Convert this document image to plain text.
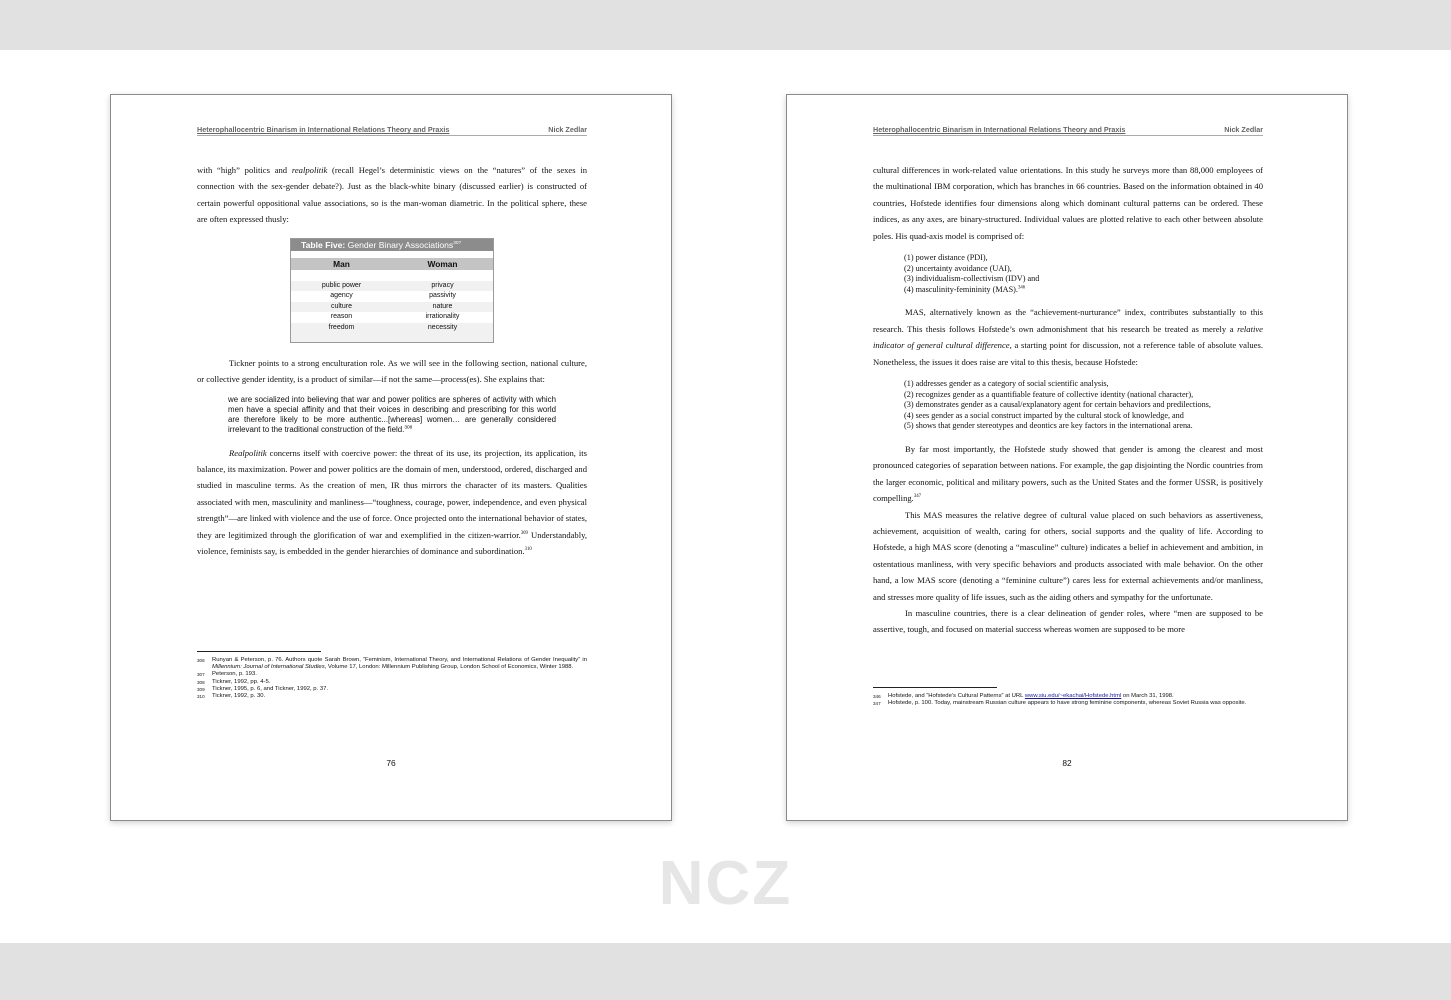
NCZ
Heterophallocentric Binarism in International Relations Theory and Praxis	Nick Zedlar

with “high” politics and realpolitik (recall Hegel’s deterministic views on the “natures” of the sexes in connection with the sex-gender debate?). Just as the black-white binary (discussed earlier) is constructed of certain powerful oppositional value associations, so is the man-woman diametric. In the political sphere, these are often expressed thusly:

Table Five: Gender Binary Associations$^{307}$
Man	Woman
public power	privacy
agency	passivity
culture	nature
reason	irrationality
freedom	necessity

Tickner points to a strong enculturation role. As we will see in the following section, national culture, or collective gender identity, is a product of similar—if not the same—process(es). She explains that:

we are socialized into believing that war and power politics are spheres of activity with which men have a special affinity and that their voices in describing and prescribing for this world are therefore likely to be more authentic...[whereas] women… are generally considered irrelevant to the traditional construction of the field.$^{308}$

Realpolitik concerns itself with coercive power: the threat of its use, its projection, its application, its balance, its maximization. Power and power politics are the domain of men, understood, ordered, discharged and studied in masculine terms. As the creation of men, IR thus mirrors the character of its masters. Qualities associated with men, masculinity and manliness—“toughness, courage, power, independence, and even physical strength”—are linked with violence and the use of force. Once projected onto the international behavior of states, they are legitimized through the glorification of war and exemplified in the citizen-warrior.$^{309}$ Understandably, violence, feminists say, is embedded in the gender hierarchies of dominance and subordination.$^{310}$

306	Runyan & Peterson, p. 76. Authors quote Sarah Brown, “Feminism, International Theory, and International Relations of Gender Inequality” in Millennium: Journal of International Studies, Volume 17, London: Millennium Publishing Group, London School of Economics, Winter 1988.
307	Peterson, p. 193.
308	Tickner, 1992, pp. 4-5.
309	Tickner, 1995, p. 6, and Tickner, 1992, p. 37.
310	Tickner, 1992, p. 30.
76
Heterophallocentric Binarism in International Relations Theory and Praxis	Nick Zedlar

cultural differences in work-related value orientations. In this study he surveys more than 88,000 employees of the multinational IBM corporation, which has branches in 66 countries. Based on the information obtained in 40 countries, Hofstede identifies four dimensions along which dominant cultural patterns can be ordered. These indices, as any axes, are binary-structured. Individual values are plotted relative to each other between absolute poles. His quad-axis model is comprised of:

(1) power distance (PDI),
(2) uncertainty avoidance (UAI),
(3) individualism-collectivism (IDV) and
(4) masculinity-femininity (MAS).$^{346}$

MAS, alternatively known as the “achievement-nurturance” index, contributes substantially to this research. This thesis follows Hofstede’s own admonishment that his research be treated as merely a relative indicator of general cultural difference, a starting point for discussion, not a reference table of absolute values. Nonetheless, the issues it does raise are vital to this thesis, because Hofstede:

(1) addresses gender as a category of social scientific analysis,
(2) recognizes gender as a quantifiable feature of collective identity (national character),
(3) demonstrates gender as a causal/explanatory agent for certain behaviors and predilections,
(4) sees gender as a social construct imparted by the cultural stock of knowledge, and
(5) shows that gender stereotypes and deontics are key factors in the international arena.

By far most importantly, the Hofstede study showed that gender is among the clearest and most pronounced categories of separation between nations. For example, the gap disjointing the Nordic countries from the larger economic, political and military powers, such as the United States and the former USSR, is positively compelling.$^{347}$

This MAS measures the relative degree of cultural value placed on such behaviors as assertiveness, achievement, acquisition of wealth, caring for others, social supports and the quality of life. According to Hofstede, a high MAS score (denoting a “masculine” culture) indicates a belief in achievement and ambition, in ostentatious manliness, with very specific behaviors and products associated with male behavior. On the other hand, a low MAS score (denoting a “feminine culture”) cares less for external achievements and/or manliness, and stresses more quality of life issues, such as the aiding others and sympathy for the unfortunate.

In masculine countries, there is a clear delineation of gender roles, where “men are supposed to be assertive, tough, and focused on material success whereas women are supposed to be more

346	Hofstede, and “Hofstede’s Cultural Patterns” at URL www.siu.edu/~ekachai/Hofstede.html on March 31, 1998.
347	Hofstede, p. 100. Today, mainstream Russian culture appears to have strong feminine components, whereas Soviet Russia was opposite.
82
